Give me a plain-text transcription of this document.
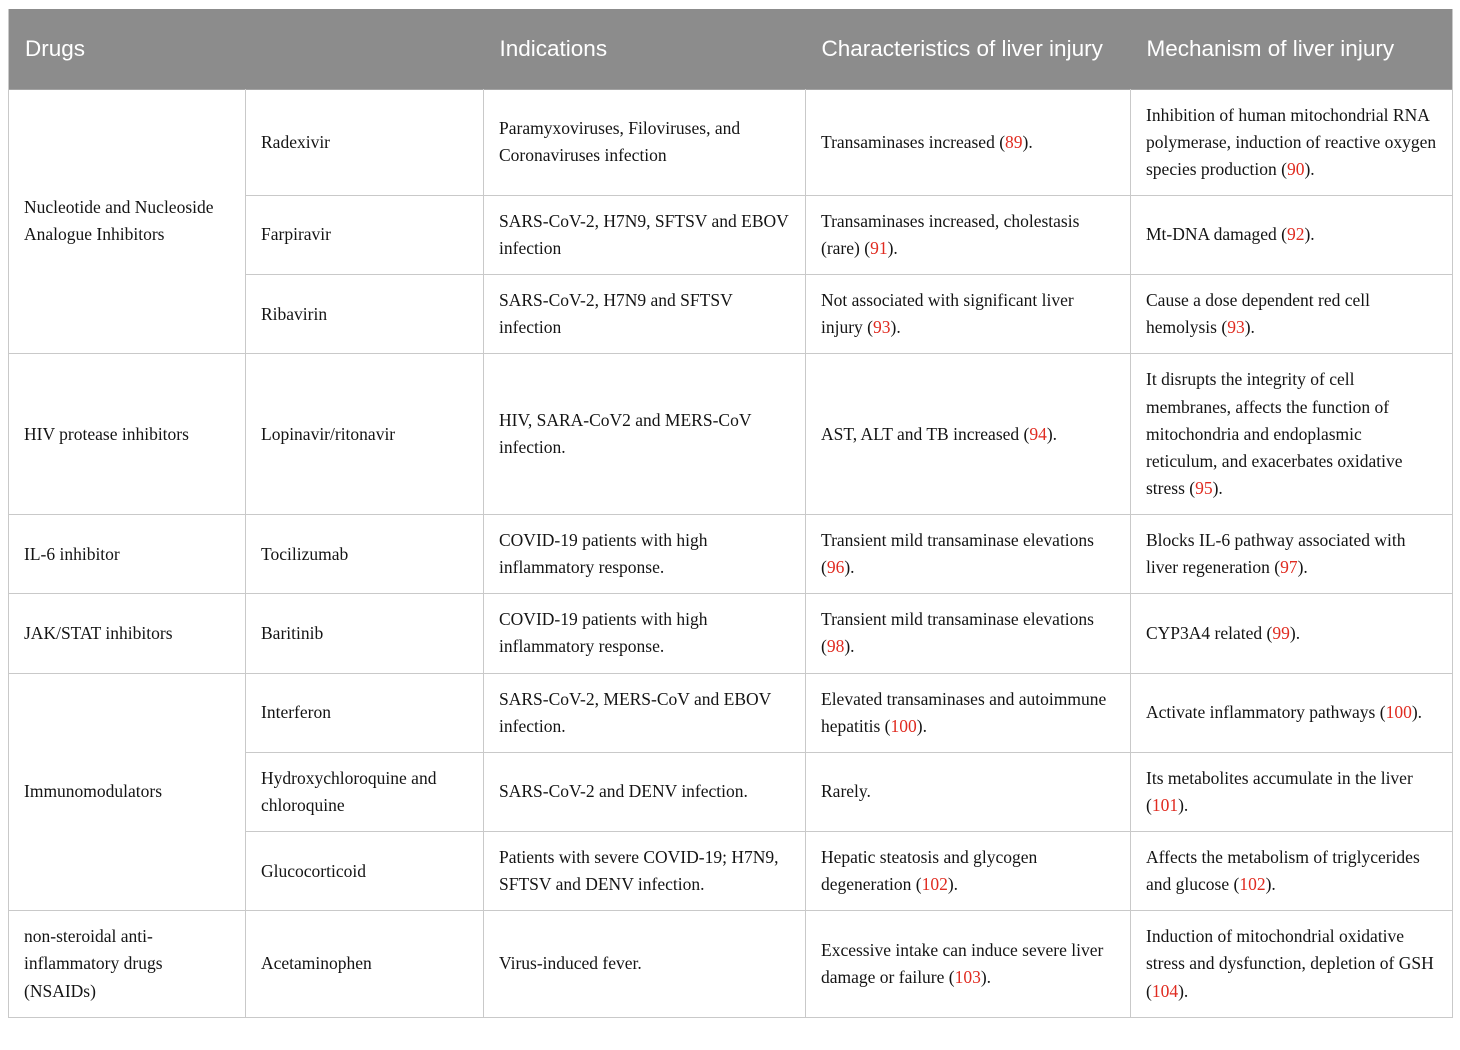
Drugs		Indications	Characteristics of liver injury	Mechanism of liver injury
Nucleotide and Nucleoside Analogue Inhibitors	Radexivir	Paramyxoviruses, Filoviruses, and Coronaviruses infection	Transaminases increased (89).	Inhibition of human mitochondrial RNA polymerase, induction of reactive oxygen species production (90).
	Farpiravir	SARS-CoV-2, H7N9, SFTSV and EBOV infection	Transaminases increased, cholestasis (rare) (91).	Mt-DNA damaged (92).
	Ribavirin	SARS-CoV-2, H7N9 and SFTSV infection	Not associated with significant liver injury (93).	Cause a dose dependent red cell hemolysis (93).
HIV protease inhibitors	Lopinavir/ritonavir	HIV, SARA-CoV2 and MERS-CoV infection.	AST, ALT and TB increased (94).	It disrupts the integrity of cell membranes, affects the function of mitochondria and endoplasmic reticulum, and exacerbates oxidative stress (95).
IL-6 inhibitor	Tocilizumab	COVID-19 patients with high inflammatory response.	Transient mild transaminase elevations (96).	Blocks IL-6 pathway associated with liver regeneration (97).
JAK/STAT inhibitors	Baritinib	COVID-19 patients with high inflammatory response.	Transient mild transaminase elevations (98).	CYP3A4 related (99).
Immunomodulators	Interferon	SARS-CoV-2, MERS-CoV and EBOV infection.	Elevated transaminases and autoimmune hepatitis (100).	Activate inflammatory pathways (100).
	Hydroxychloroquine and chloroquine	SARS-CoV-2 and DENV infection.	Rarely.	Its metabolites accumulate in the liver (101).
	Glucocorticoid	Patients with severe COVID-19; H7N9, SFTSV and DENV infection.	Hepatic steatosis and glycogen degeneration (102).	Affects the metabolism of triglycerides and glucose (102).
non-steroidal anti-inflammatory drugs (NSAIDs)	Acetaminophen	Virus-induced fever.	Excessive intake can induce severe liver damage or failure (103).	Induction of mitochondrial oxidative stress and dysfunction, depletion of GSH (104).
